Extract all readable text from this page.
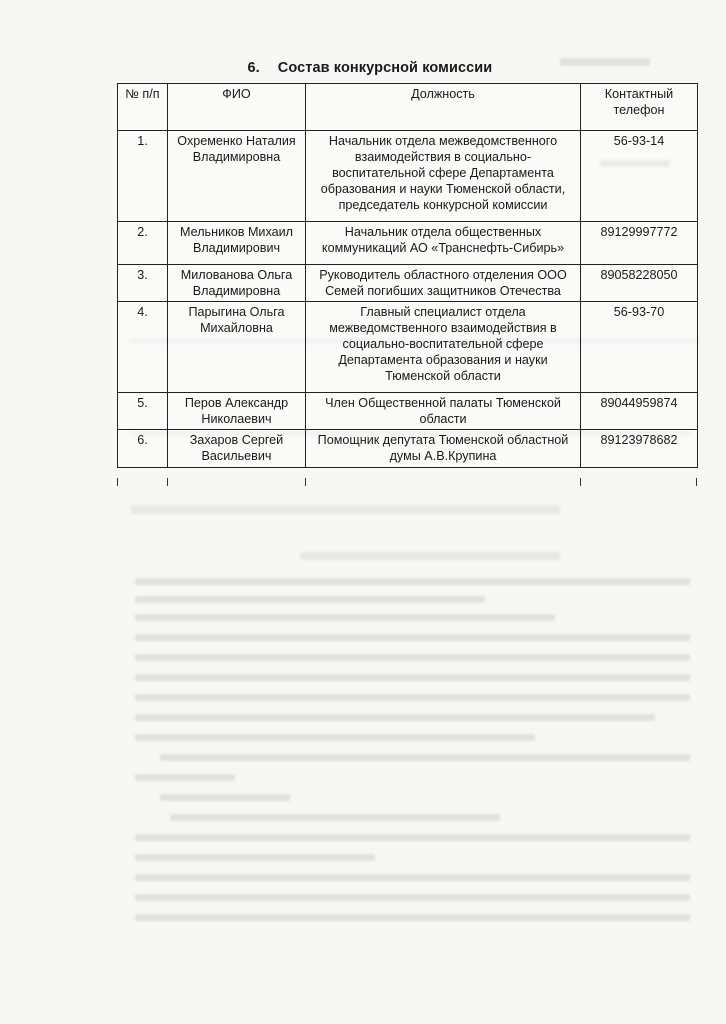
6. Состав конкурсной комиссии
№ п/п	ФИО	Должность	Контактный телефон
1.	Охременко Наталия Владимировна	Начальник отдела межведомственного взаимодействия в социально-воспитательной сфере Департамента образования и науки Тюменской области, председатель конкурсной комиссии	56-93-14
2.	Мельников Михаил Владимирович	Начальник отдела общественных коммуникаций АО «Транснефть-Сибирь»	89129997772
3.	Милованова Ольга Владимировна	Руководитель областного отделения ООО Семей погибших защитников Отечества	89058228050
4.	Парыгина Ольга Михайловна	Главный специалист отдела межведомственного взаимодействия в социально-воспитательной сфере Департамента образования и науки Тюменской области	56-93-70
5.	Перов Александр Николаевич	Член Общественной палаты Тюменской области	89044959874
6.	Захаров Сергей Васильевич	Помощник депутата Тюменской областной думы А.В.Крупина	89123978682
